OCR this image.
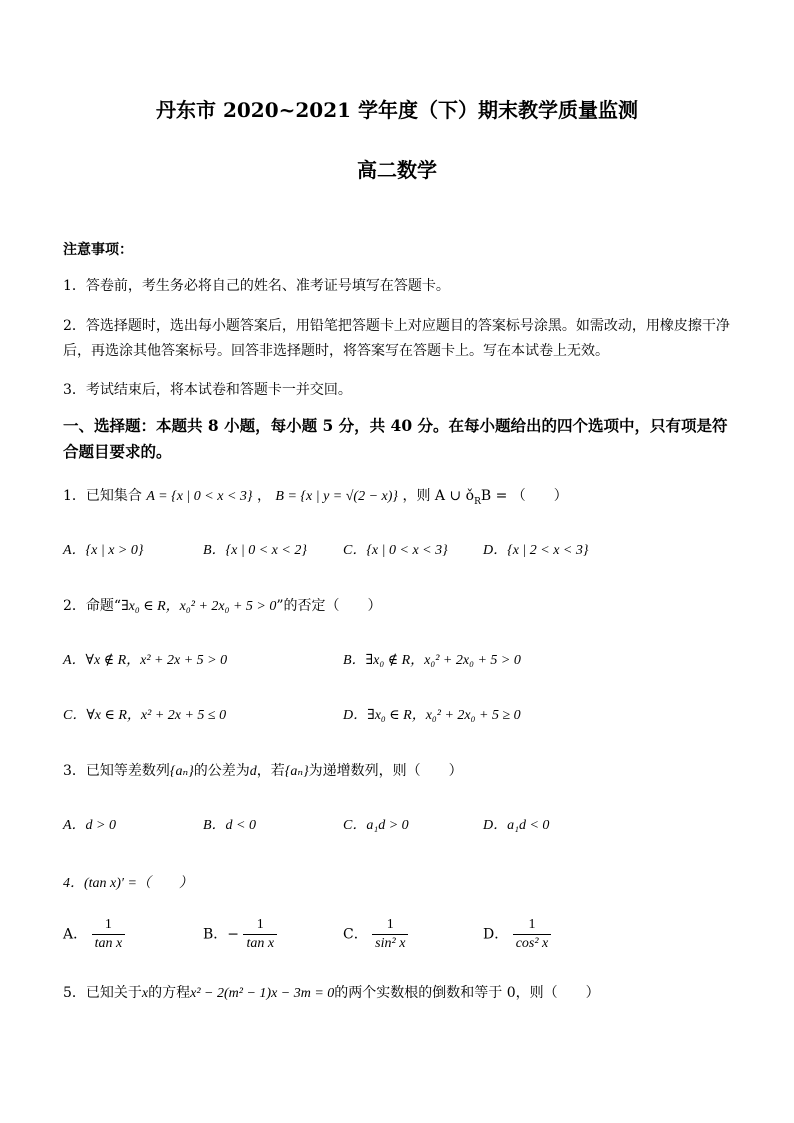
丹东市 2020~2021 学年度（下）期末教学质量监测
高二数学
注意事项：
1．答卷前，考生务必将自己的姓名、准考证号填写在答题卡。
2．答选择题时，选出每小题答案后，用铅笔把答题卡上对应题目的答案标号涂黑。如需改动，用橡皮擦干净
后，再选涂其他答案标号。回答非选择题时，将答案写在答题卡上。写在本试卷上无效。
3．考试结束后，将本试卷和答题卡一并交回。
一、选择题：本题共 8 小题，每小题 5 分，共 40 分。在每小题给出的四个选项中，只有项是符
合题目要求的。
1．已知集合 A = {x | 0 < x < 3} ， B = {x | y = √(2 − x)} ，则 A ∪ $ǒ_RB$ = （　　）
A．{x | x > 0}	B．{x | 0 < x < 2}	C．{x | 0 < x < 3}	D．{x | 2 < x < 3}
2．命题“∃x₀ ∈ R，x₀² + 2x₀ + 5 > 0”的否定（　　）
A．∀x ∉ R，x² + 2x + 5 > 0	B．∃x₀ ∉ R，x₀² + 2x₀ + 5 > 0
C．∀x ∈ R，x² + 2x + 5 ≤ 0	D．∃x₀ ∈ R，x₀² + 2x₀ + 5 ≥ 0
3．已知等差数列{aₙ}的公差为d，若{aₙ}为递增数列，则（　　）
A．d > 0	B．d < 0	C．a₁d > 0	D．a₁d < 0
4．(tan x)′ =（　　）
A． $\frac{1}{\text{tan x}}$	B．− $\frac{1}{\text{tan x}}$	C． $\frac{1}{\text{sin² x}}$	D． $\frac{1}{\text{cos² x}}$
5．已知关于x的方程x² − 2(m² − 1)x − 3m = 0的两个实数根的倒数和等于 0，则（　　）
